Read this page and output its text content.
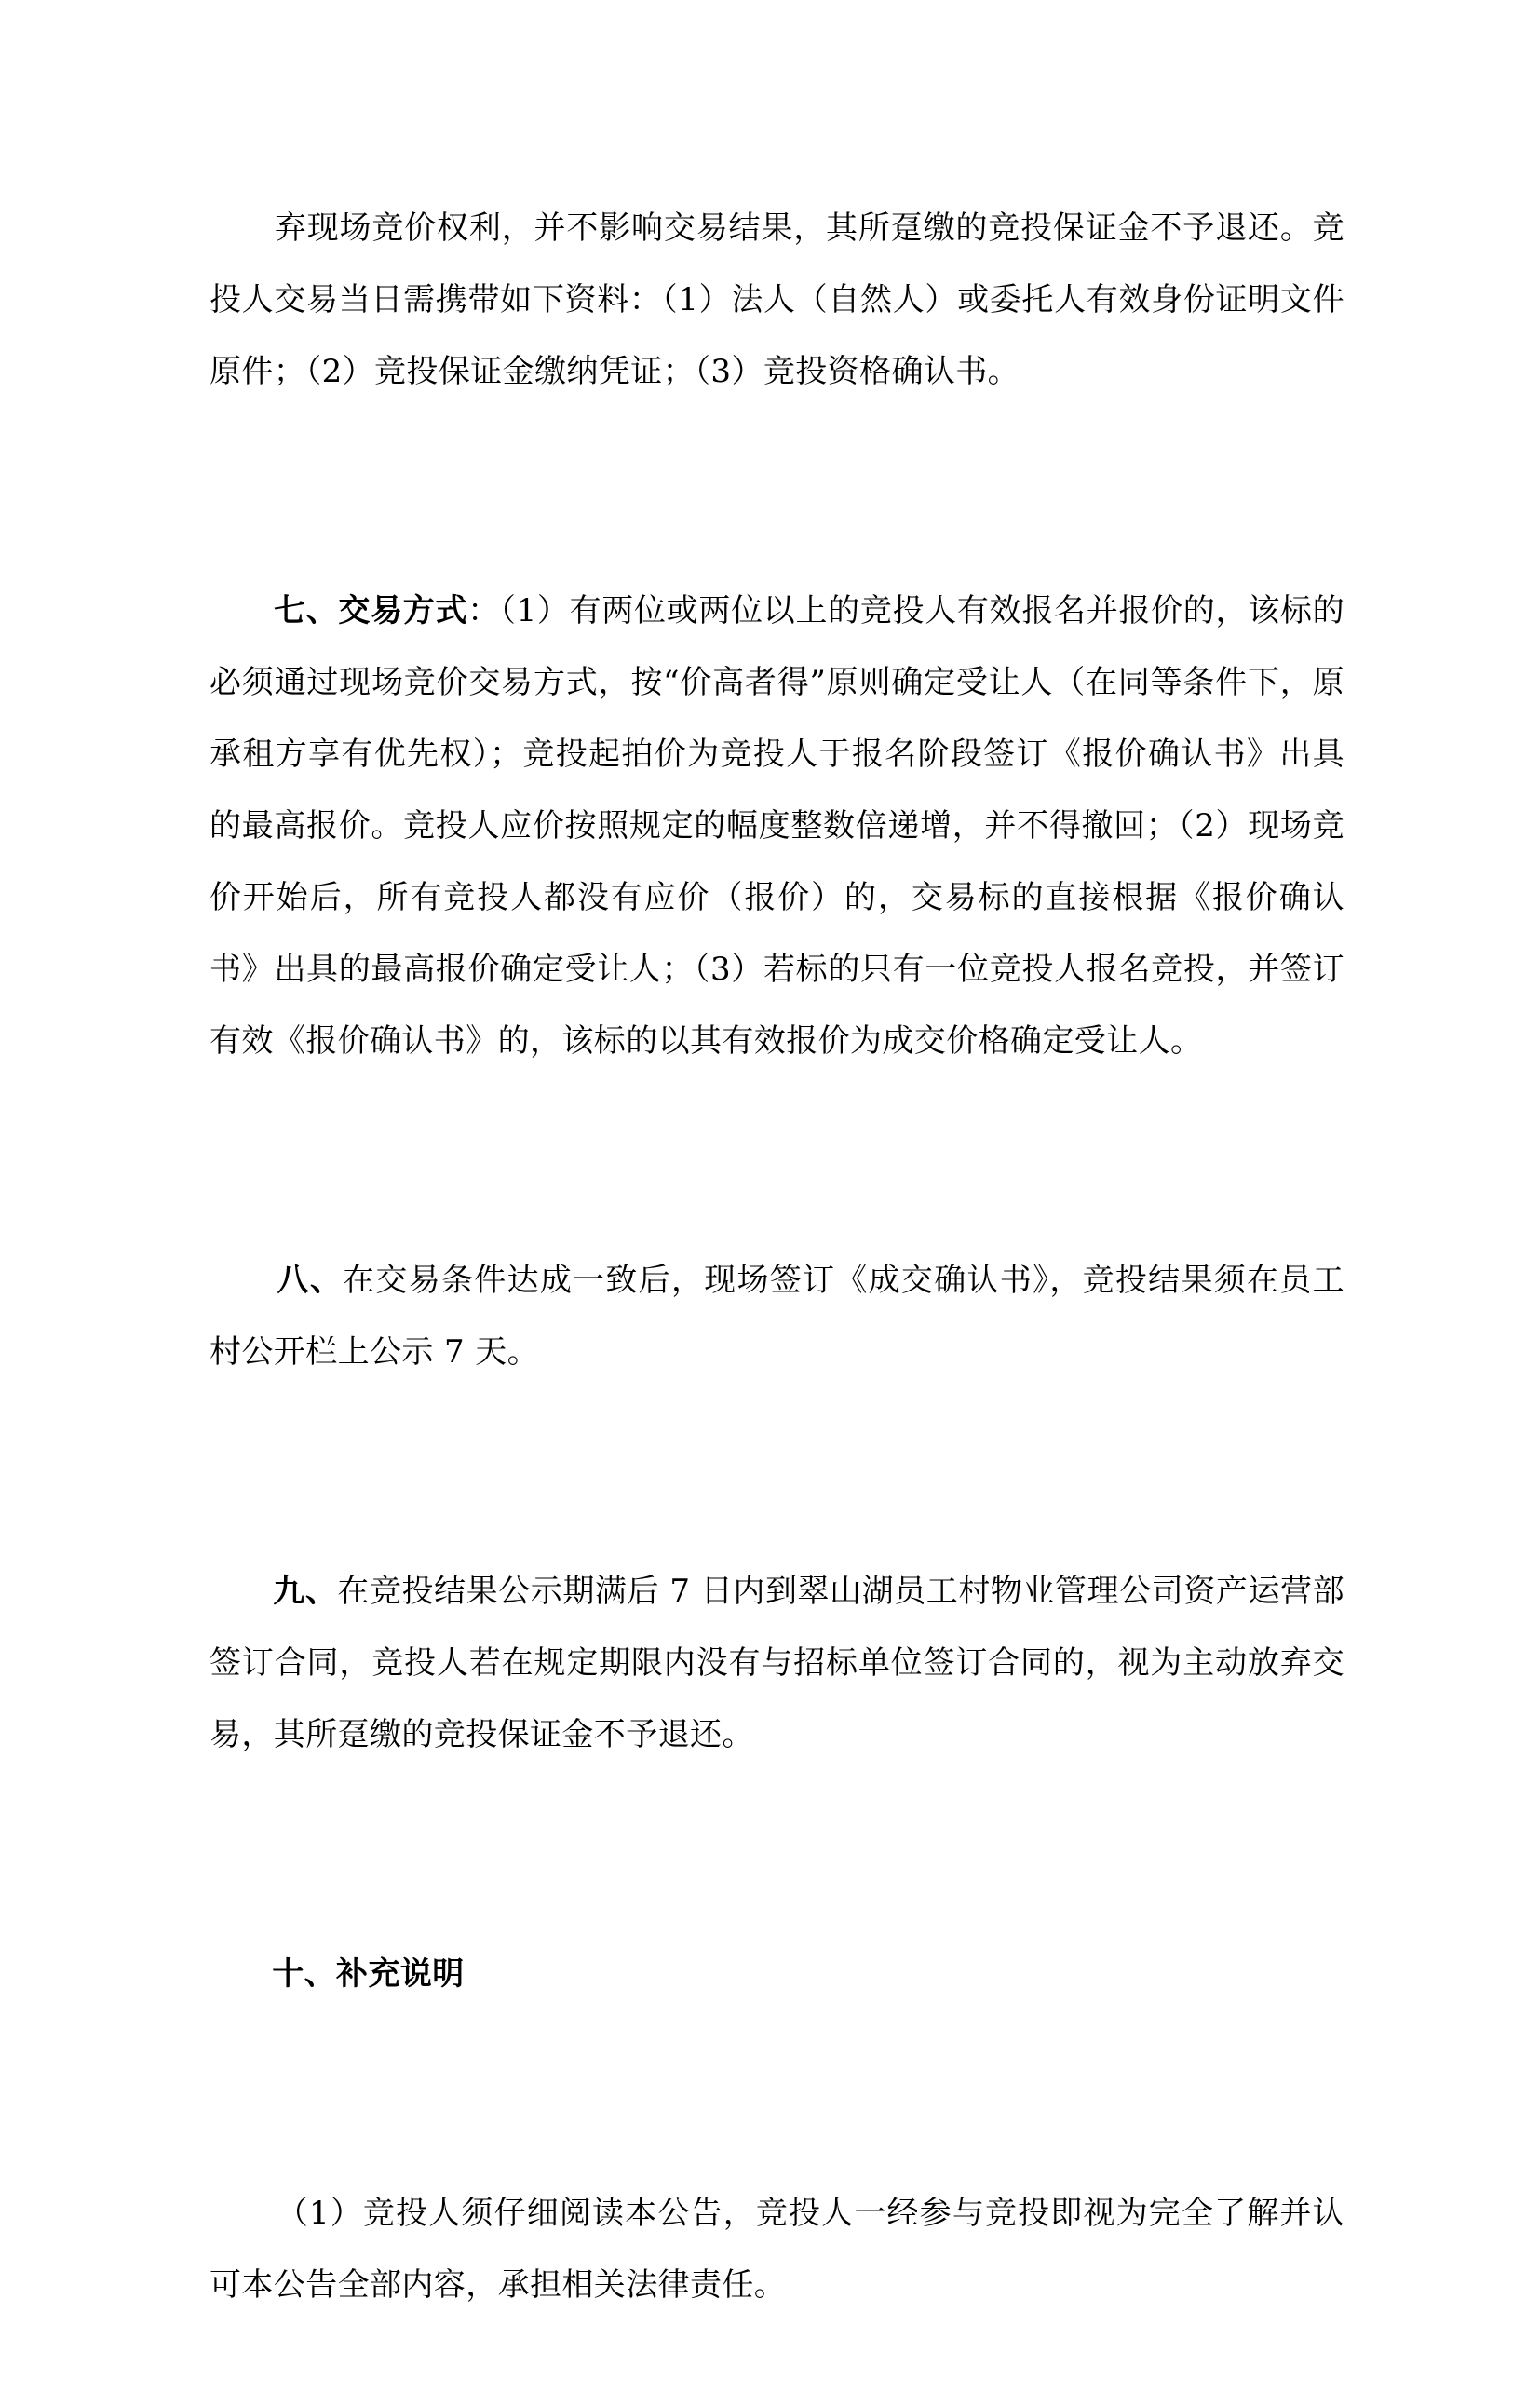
弃现场竞价权利，并不影响交易结果，其所趸缴的竞投保证金不予退还。竞投人交易当日需携带如下资料：（1）法人（自然人）或委托人有效身份证明文件原件；（2）竞投保证金缴纳凭证；（3）竞投资格确认书。

七、交易方式：（1）有两位或两位以上的竞投人有效报名并报价的，该标的必须通过现场竞价交易方式，按“价高者得”原则确定受让人（在同等条件下，原承租方享有优先权）；竞投起拍价为竞投人于报名阶段签订《报价确认书》出具的最高报价。竞投人应价按照规定的幅度整数倍递增，并不得撤回；（2）现场竞价开始后，所有竞投人都没有应价（报价）的，交易标的直接根据《报价确认书》出具的最高报价确定受让人；（3）若标的只有一位竞投人报名竞投，并签订有效《报价确认书》的，该标的以其有效报价为成交价格确定受让人。

八、在交易条件达成一致后，现场签订《成交确认书》，竞投结果须在员工村公开栏上公示 7 天。

九、在竞投结果公示期满后 7 日内到翠山湖员工村物业管理公司资产运营部签订合同，竞投人若在规定期限内没有与招标单位签订合同的，视为主动放弃交易，其所趸缴的竞投保证金不予退还。

十、补充说明

（1）竞投人须仔细阅读本公告，竞投人一经参与竞投即视为完全了解并认可本公告全部内容，承担相关法律责任。
